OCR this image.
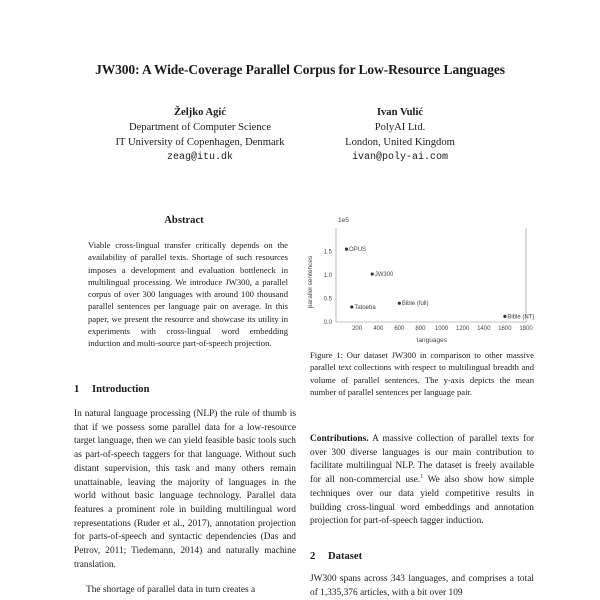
JW300: A Wide-Coverage Parallel Corpus for Low-Resource Languages
Željko Agić
Department of Computer Science
IT University of Copenhagen, Denmark
zeag@itu.dk
Ivan Vulić
PolyAI Ltd.
London, United Kingdom
ivan@poly-ai.com
Abstract
Viable cross-lingual transfer critically depends on the availability of parallel texts. Shortage of such resources imposes a development and evaluation bottleneck in multilingual processing. We introduce JW300, a parallel corpus of over 300 languages with around 100 thousand parallel sentences per language pair on average. In this paper, we present the resource and showcase its utility in experiments with cross-lingual word embedding induction and multi-source part-of-speech projection.
1 Introduction
In natural language processing (NLP) the rule of thumb is that if we possess some parallel data for a low-resource target language, then we can yield feasible basic tools such as part-of-speech taggers for that language. Without such distant supervision, this task and many others remain unattainable, leaving the majority of languages in the world without basic language technology. Parallel data features a prominent role in building multilingual word representations (Ruder et al., 2017), annotation projection for parts-of-speech and syntactic dependencies (Das and Petrov, 2011; Tiedemann, 2014) and naturally machine translation.
The shortage of parallel data in turn creates a
1e5
parallel sentences
languages
200 400 600 800 1000 1200 1400 1600 1800
0.0
0.5
1.0
1.5	OPUS
JW300
Tatoeba
Bible (full)
Bible (NT)
Figure 1: Our dataset JW300 in comparison to other massive parallel text collections with respect to multilingual breadth and volume of parallel sentences. The y-axis depicts the mean number of parallel sentences per language pair.
Contributions. A massive collection of parallel texts for over 300 diverse languages is our main contribution to facilitate multilingual NLP. The dataset is freely available for all non-commercial use.$^1$ We also show how simple techniques over our data yield competitive results in building cross-lingual word embeddings and annotation projection for part-of-speech tagger induction.
2 Dataset
JW300 spans across 343 languages, and comprises a total of 1,335,376 articles, with a bit over 109
